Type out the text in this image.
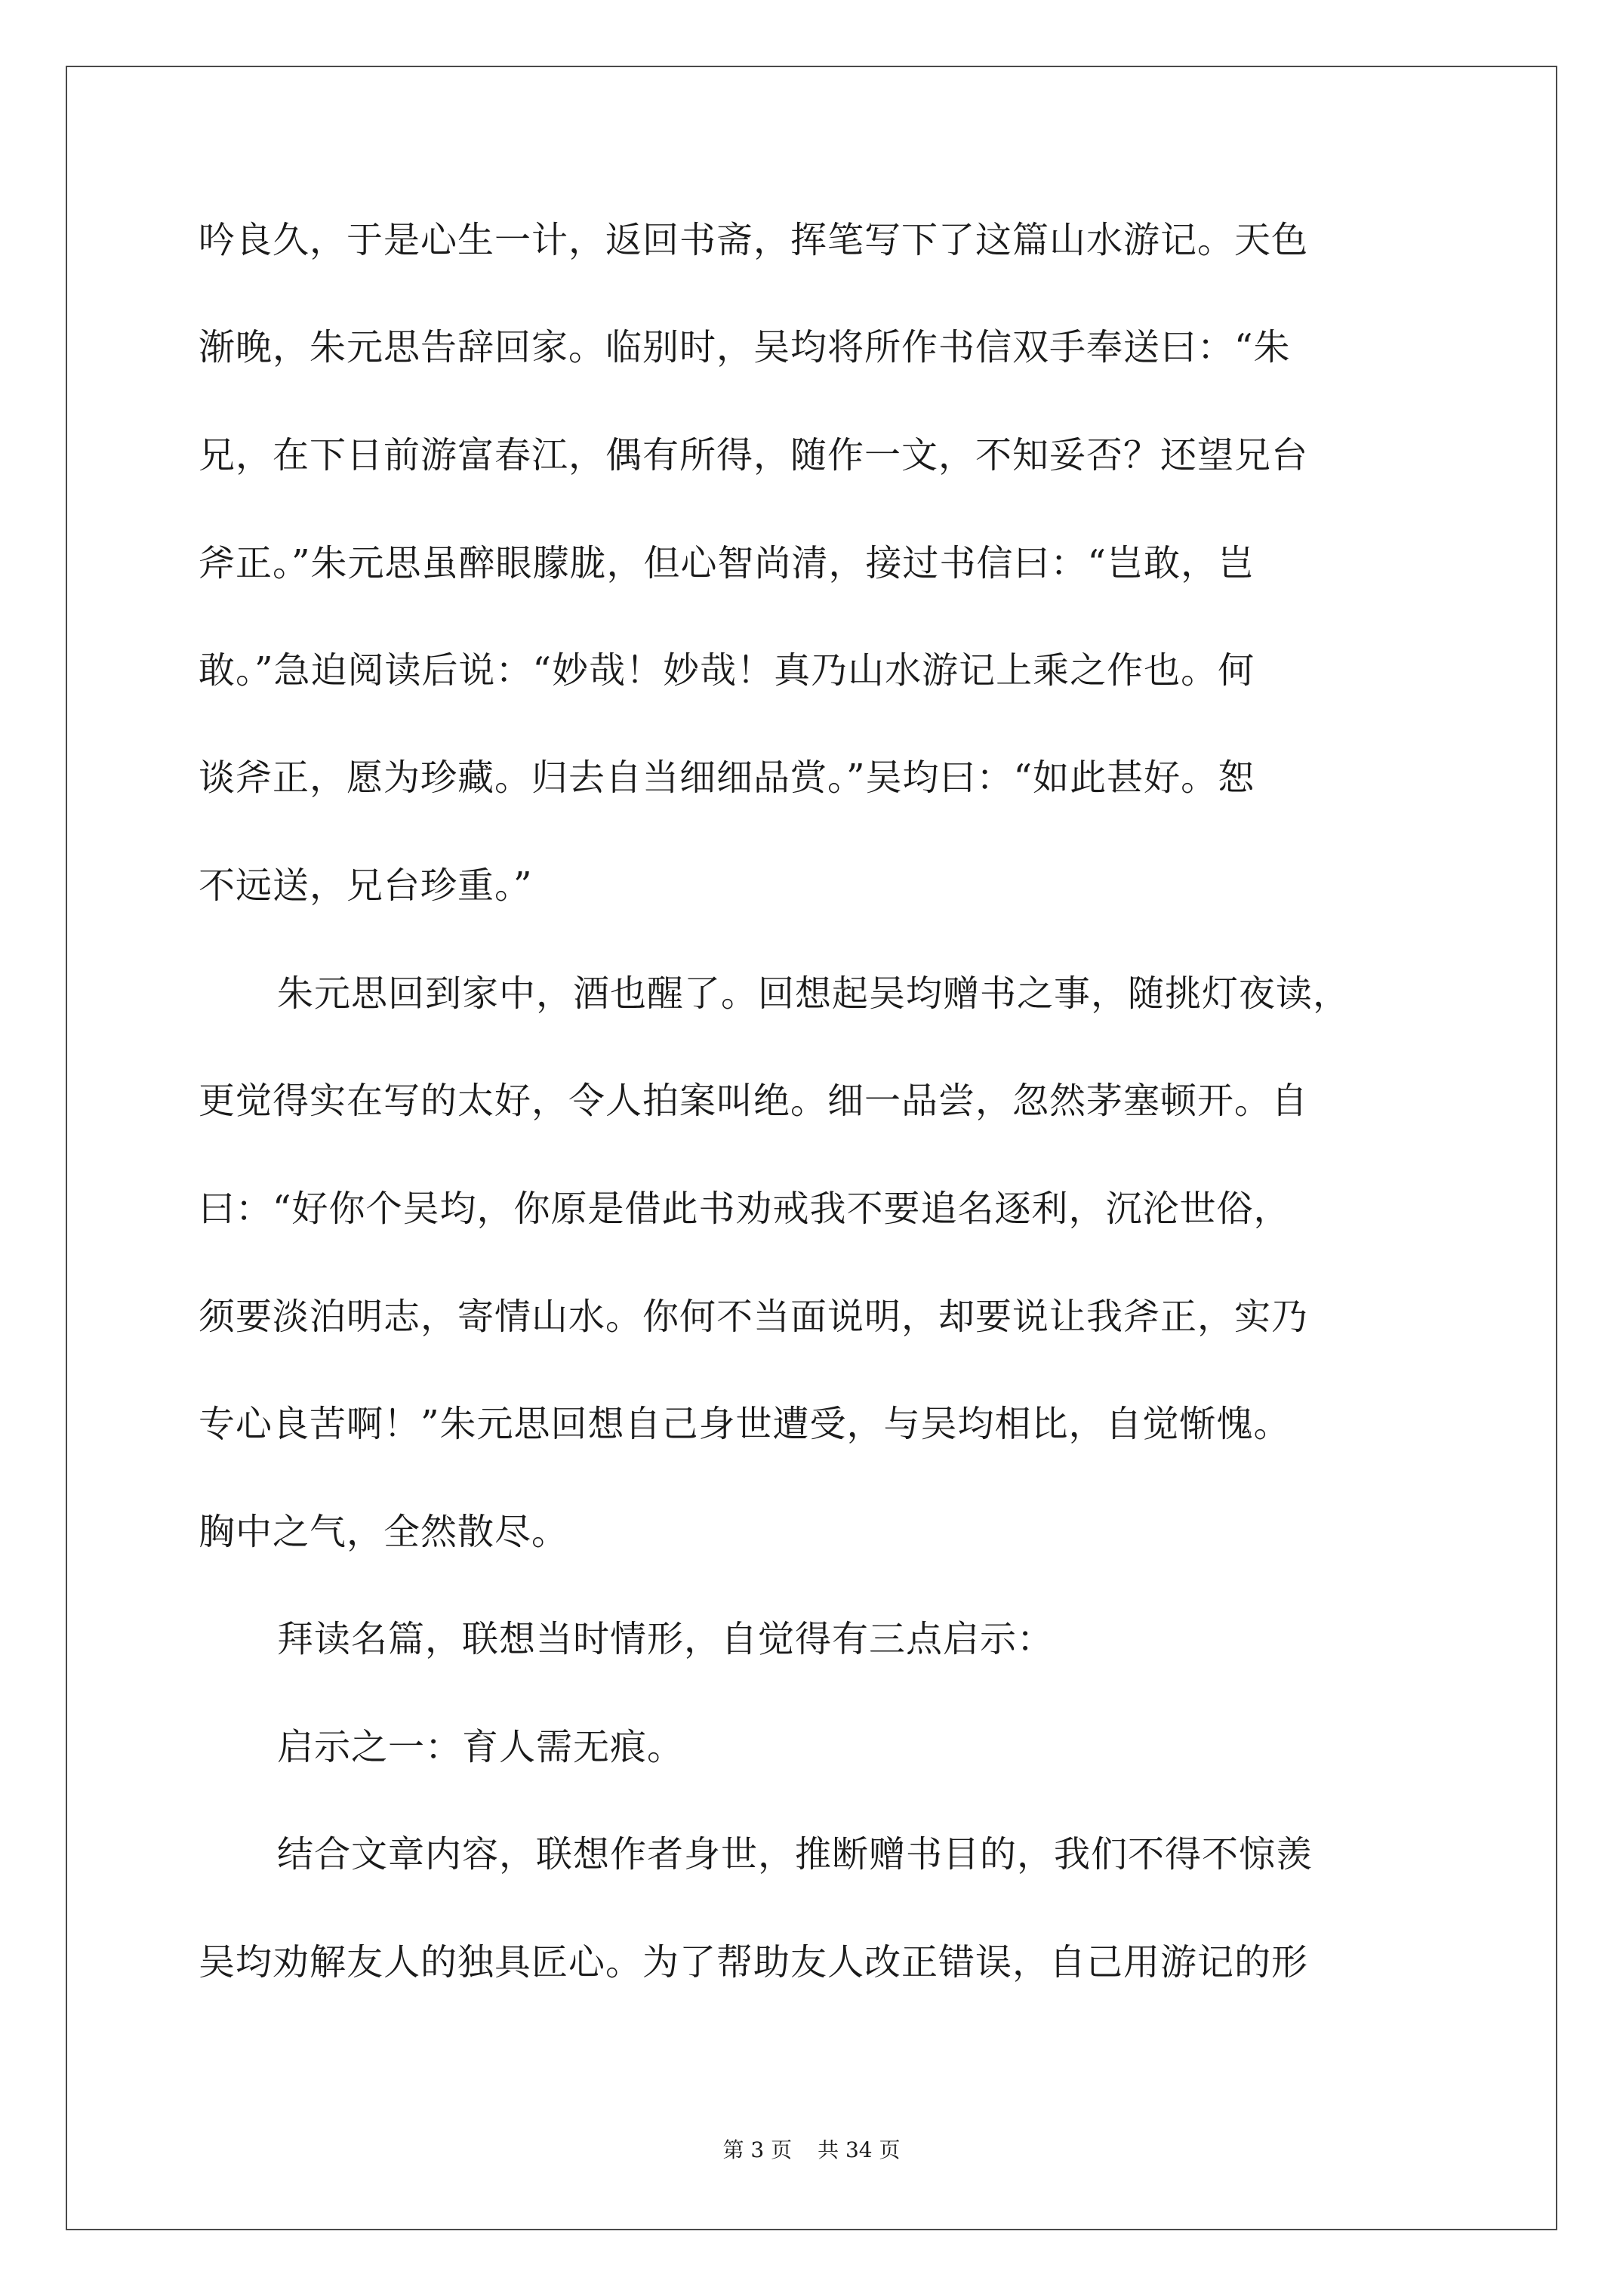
吟良久，于是心生一计，返回书斋，挥笔写下了这篇山水游记。天色
渐晚，朱元思告辞回家。临别时，吴均将所作书信双手奉送曰：“朱
兄，在下日前游富春江，偶有所得，随作一文，不知妥否？还望兄台
斧正。”朱元思虽醉眼朦胧，但心智尚清，接过书信曰：“岂敢，岂
敢。”急迫阅读后说：“妙哉！妙哉！真乃山水游记上乘之作也。何
谈斧正，愿为珍藏。归去自当细细品赏。”吴均曰：“如此甚好。恕
不远送，兄台珍重。”
朱元思回到家中，酒也醒了。回想起吴均赠书之事，随挑灯夜读，
更觉得实在写的太好，令人拍案叫绝。细一品尝，忽然茅塞顿开。自
曰：“好你个吴均，你原是借此书劝戒我不要追名逐利，沉沦世俗，
须要淡泊明志，寄情山水。你何不当面说明，却要说让我斧正，实乃
专心良苦啊！”朱元思回想自己身世遭受，与吴均相比，自觉惭愧。
胸中之气，全然散尽。
拜读名篇，联想当时情形，自觉得有三点启示：
启示之一：育人需无痕。
结合文章内容，联想作者身世，推断赠书目的，我们不得不惊羡
吴均劝解友人的独具匠心。为了帮助友人改正错误，自己用游记的形
第 3 页 共 34 页
